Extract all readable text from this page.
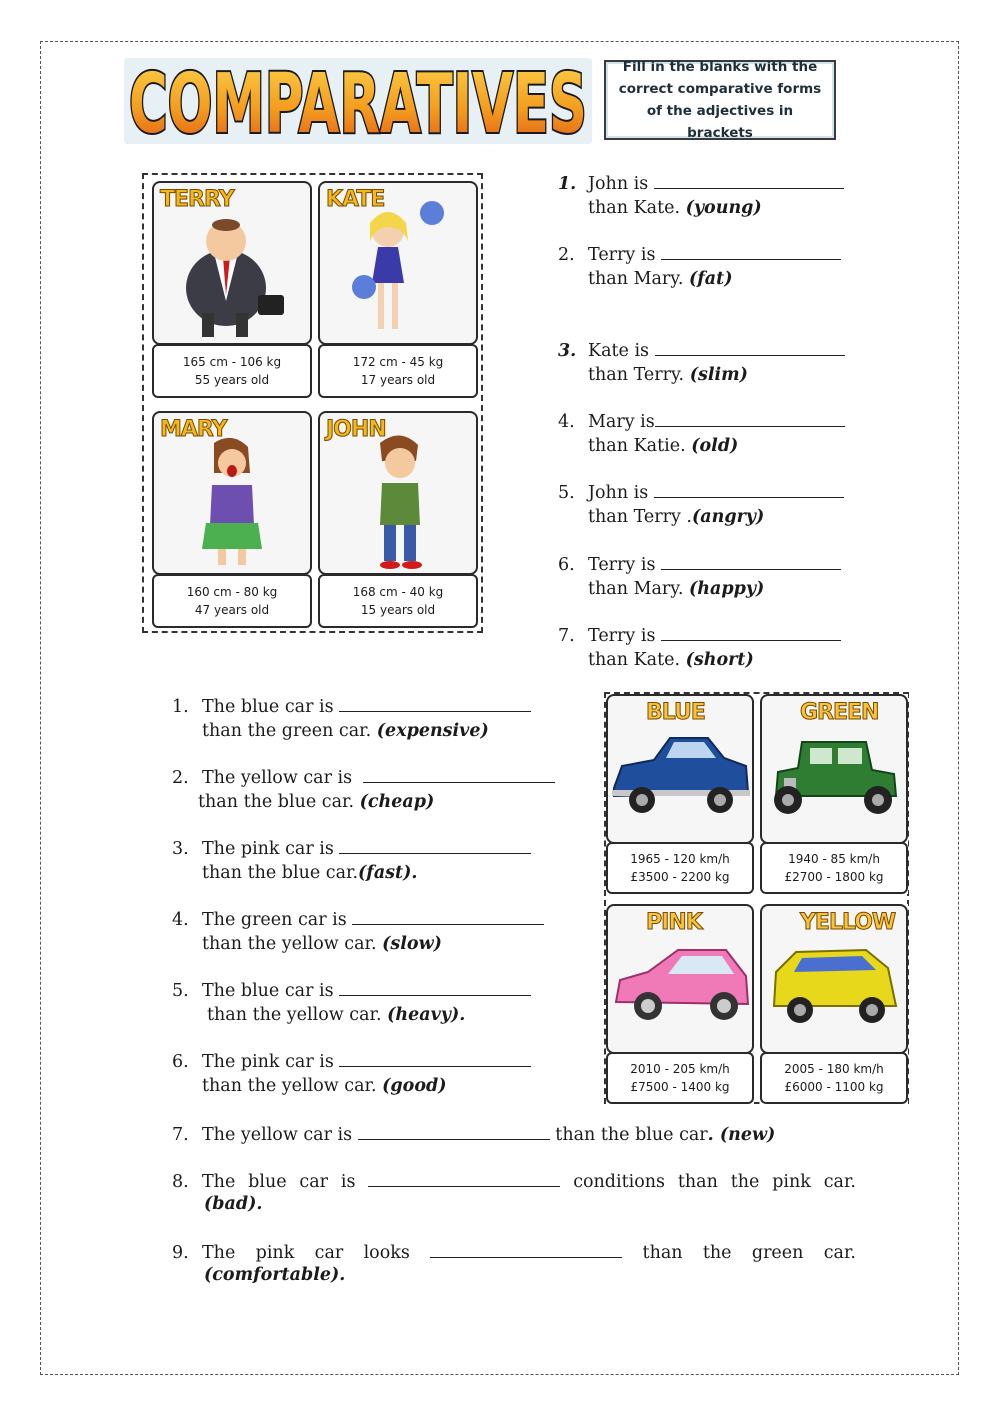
COMPARATIVES	Fill in the blanks with the correct comparative forms of the adjectives in brackets
TERRY
165 cm - 106 kg
55 years old
KATE
172 cm - 45 kg
17 years old
MARY
160 cm - 80 kg
47 years old
JOHN
168 cm - 40 kg
15 years old
1. John is
than Kate. (young)
2. Terry is
than Mary. (fat)
3. Kate is
than Terry. (slim)
4. Mary is
than Katie. (old)
5. John is
than Terry .(angry)
6. Terry is
than Mary. (happy)
7. Terry is
than Kate. (short)
1. The blue car is
than the green car. (expensive)
2. The yellow car is
than the blue car. (cheap)
3. The pink car is
than the blue car.(fast).
4. The green car is
than the yellow car. (slow)
5. The blue car is
than the yellow car. (heavy).
6. The pink car is
than the yellow car. (good)
BLUE
1965 - 120 km/h
£3500 - 2200 kg
GREEN
1940 - 85 km/h
£2700 - 1800 kg
PINK
2010 - 205 km/h
£7500 - 1400 kg
YELLOW
2005 - 180 km/h
£6000 - 1100 kg
7. The yellow car is	than the blue car. (new)
8. The blue car is	conditions than the pink car.
(bad).
9. The pink car looks	than the green car.
(comfortable).
